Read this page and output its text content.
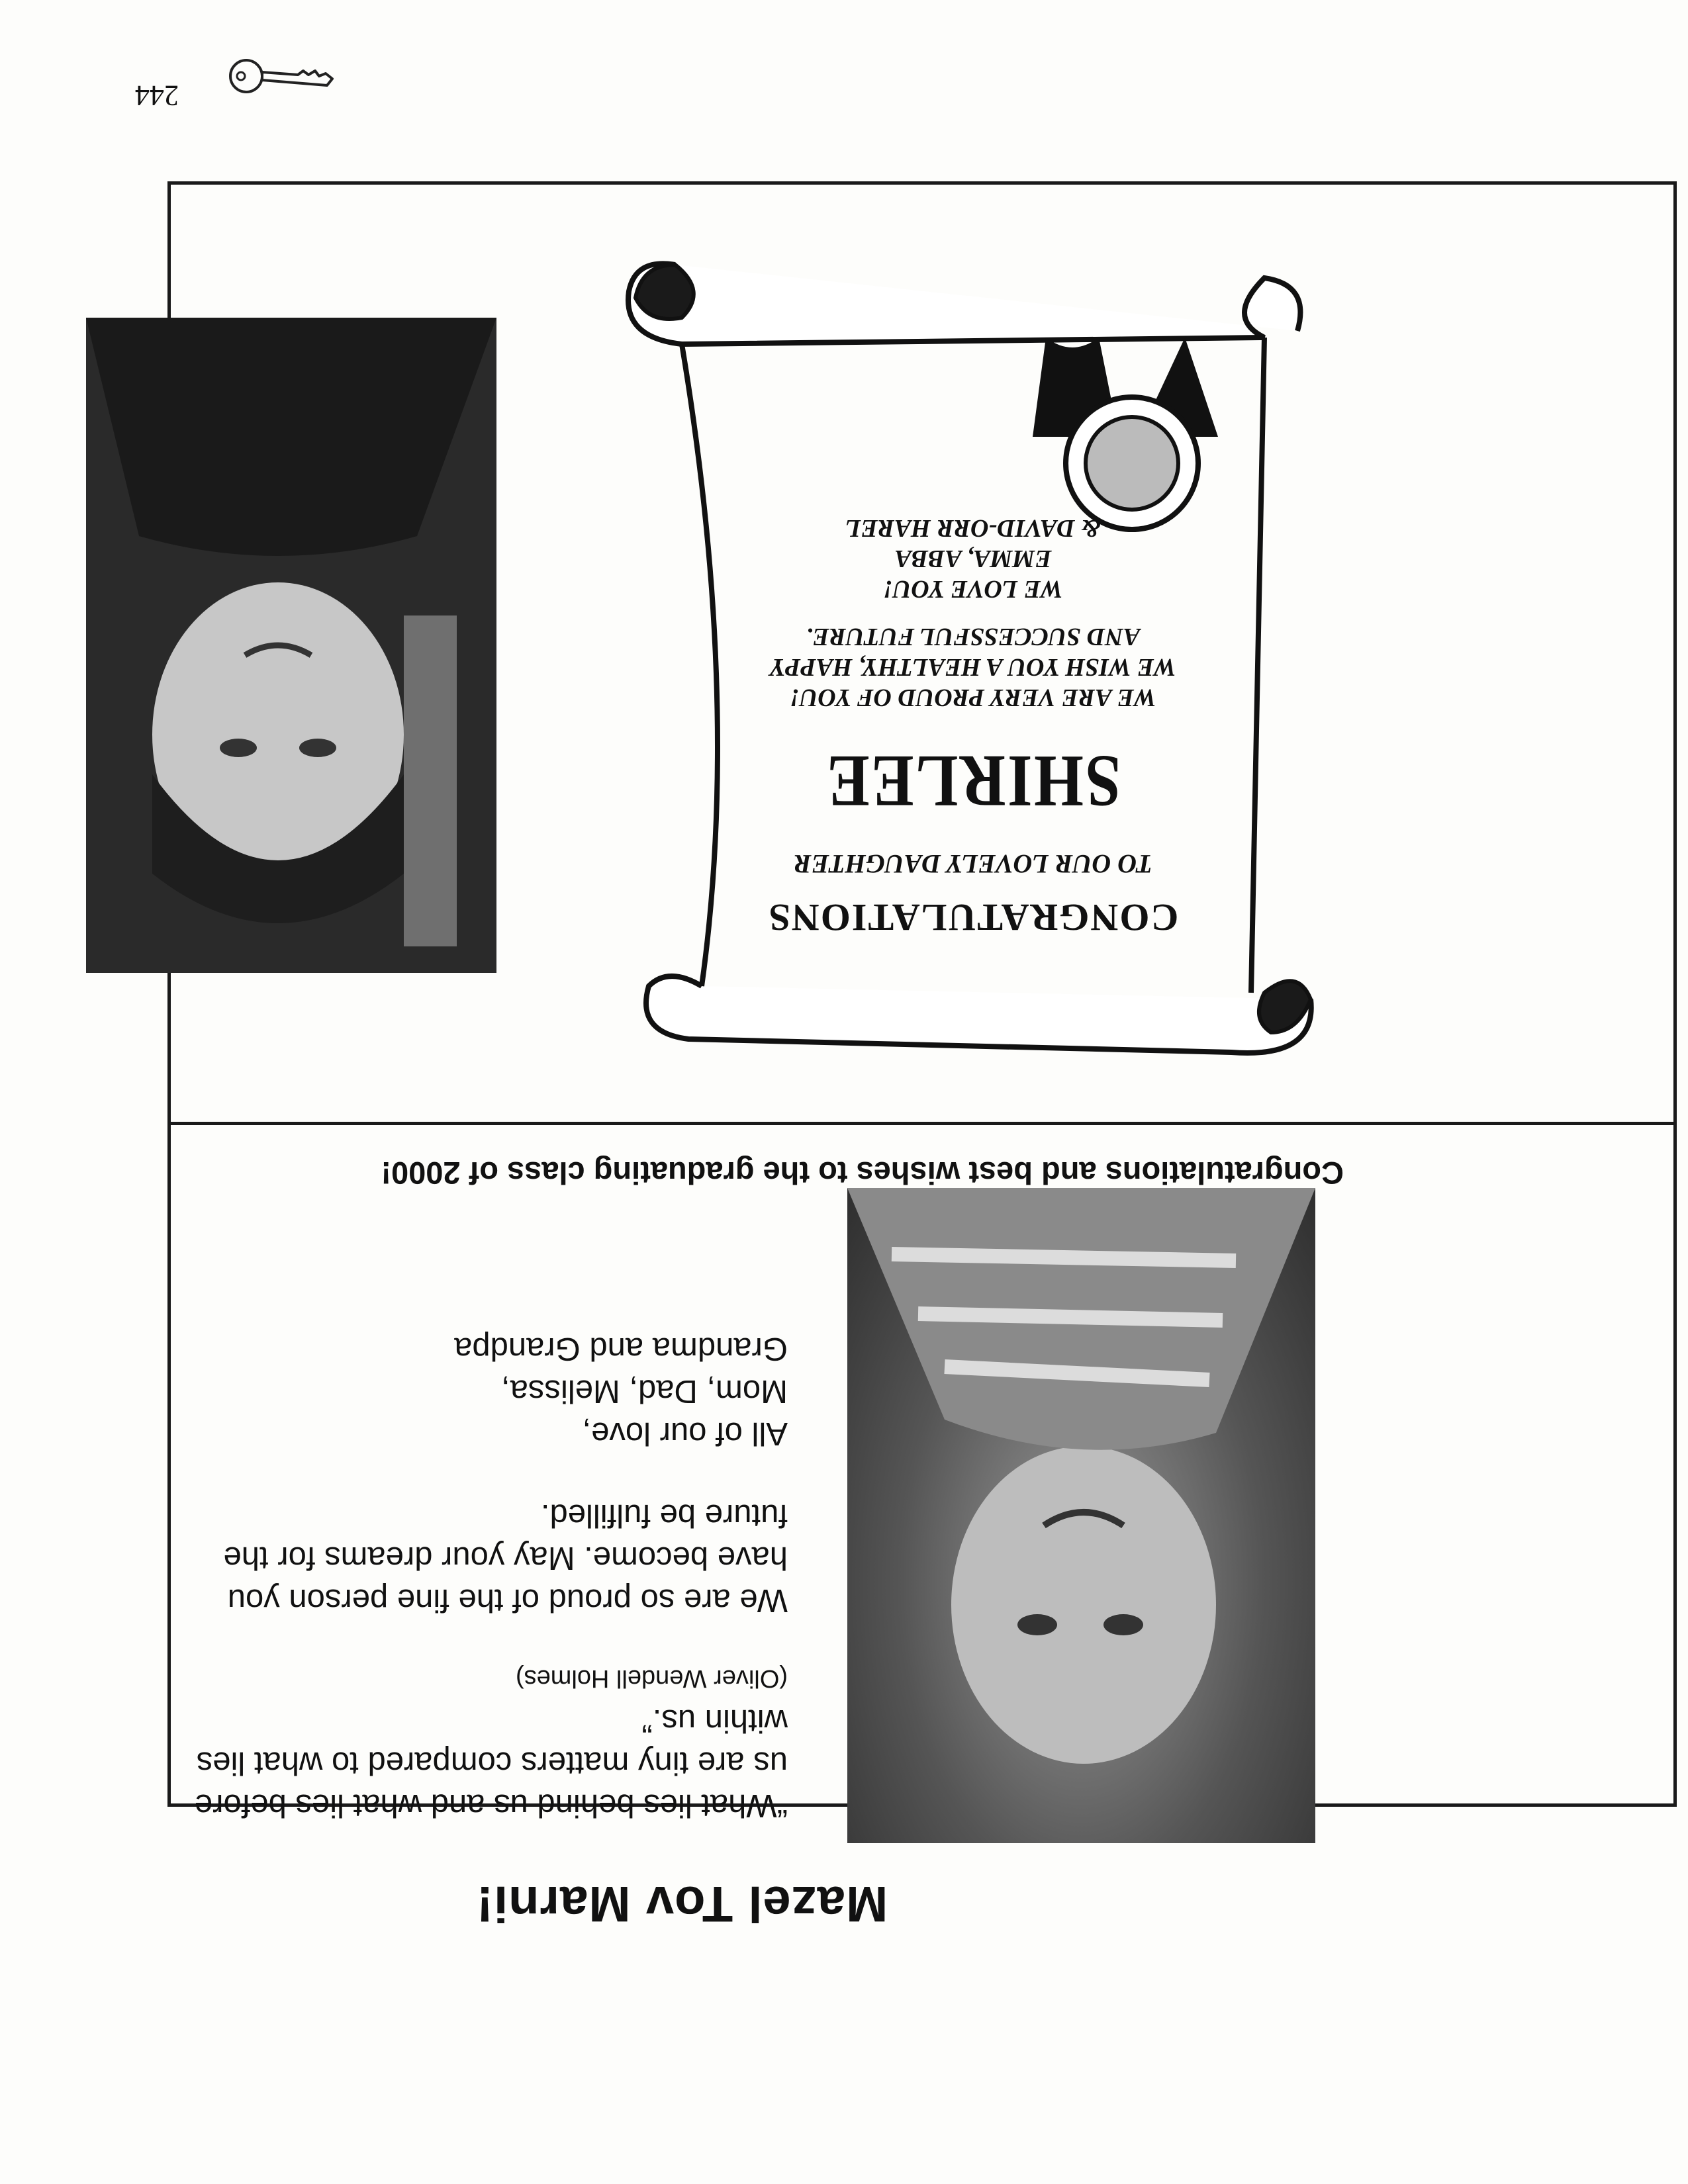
244
Mazel Tov Marni!

“What lies behind us and what lies before us are tiny matters compared to what lies within us.”

(Oliver Wendell Holmes)

We are so proud of the fine person you have become. May your dreams for the future be fulfilled.

All of our love,
Mom, Dad, Melissa,
Grandma and Grandpa
Congratulations and best wishes to the graduating class of 2000!
CONGRATULATIONS
TO OUR LOVELY DAUGHTER
SHIRLEE
WE ARE VERY PROUD OF YOU!
WE WISH YOU A HEALTHY, HAPPY
AND SUCCESSFUL FUTURE.
WE LOVE YOU!
EMMA, ABBA
& DAVID-ORR HAREL
